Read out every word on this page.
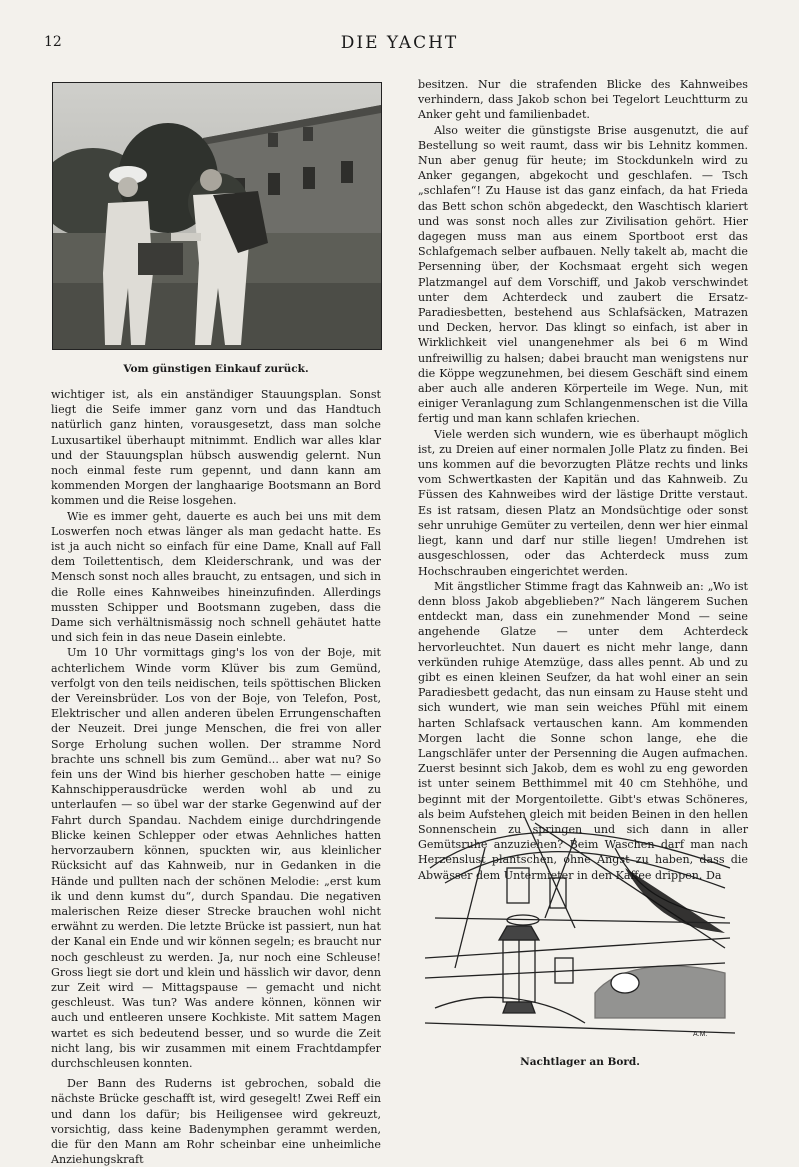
12	DIE YACHT
Vom günstigen Einkauf zurück.

wichtiger ist, als ein anständiger Stauungsplan. Sonst liegt die Seife immer ganz vorn und das Handtuch natürlich ganz hinten, vorausgesetzt, dass man solche Luxusartikel überhaupt mitnimmt. Endlich war alles klar und der Stauungsplan hübsch auswendig gelernt. Nun noch einmal feste rum gepennt, und dann kann am kommenden Morgen der langhaarige Bootsmann an Bord kommen und die Reise losgehen.

Wie es immer geht, dauerte es auch bei uns mit dem Loswerfen noch etwas länger als man gedacht hatte. Es ist ja auch nicht so einfach für eine Dame, Knall auf Fall dem Toilettentisch, dem Kleiderschrank, und was der Mensch sonst noch alles braucht, zu entsagen, und sich in die Rolle eines Kahnweibes hineinzufinden. Allerdings mussten Schipper und Bootsmann zugeben, dass die Dame sich verhältnismässig noch schnell gehäutet hatte und sich fein in das neue Dasein einlebte.

Um 10 Uhr vormittags ging's los von der Boje, mit achterlichem Winde vorm Klüver bis zum Gemünd, verfolgt von den teils neidischen, teils spöttischen Blicken der Vereinsbrüder. Los von der Boje, von Telefon, Post, Elektrischer und allen anderen übelen Errungenschaften der Neuzeit. Drei junge Menschen, die frei von aller Sorge Erholung suchen wollen. Der stramme Nord brachte uns schnell bis zum Gemünd... aber wat nu? So fein uns der Wind bis hierher geschoben hatte — einige Kahnschipperausdrücke werden wohl ab und zu unterlaufen — so übel war der starke Gegenwind auf der Fahrt durch Spandau. Nachdem einige durchdringende Blicke keinen Schlepper oder etwas Aehnliches hatten hervorzaubern können, spuckten wir, aus kleinlicher Rücksicht auf das Kahnweib, nur in Gedanken in die Hände und pullten nach der schönen Melodie: „erst kum ik und denn kumst du“, durch Spandau. Die negativen malerischen Reize dieser Strecke brauchen wohl nicht erwähnt zu werden. Die letzte Brücke ist passiert, nun hat der Kanal ein Ende und wir können segeln; es braucht nur noch geschleust zu werden. Ja, nur noch eine Schleuse! Gross liegt sie dort und klein und hässlich wir davor, denn zur Zeit wird — Mittagspause — gemacht und nicht geschleust. Was tun? Was andere können, können wir auch und entleeren unsere Kochkiste. Mit sattem Magen wartet es sich bedeutend besser, und so wurde die Zeit nicht lang, bis wir zusammen mit einem Frachtdampfer durchschleusen konnten.

Der Bann des Ruderns ist gebrochen, sobald die nächste Brücke geschafft ist, wird gesegelt! Zwei Reff ein und dann los dafür; bis Heiligensee wird gekreuzt, vorsichtig, dass keine Badenymphen gerammt werden, die für den Mann am Rohr scheinbar eine unheimliche Anziehungskraft

besitzen. Nur die strafenden Blicke des Kahnweibes verhindern, dass Jakob schon bei Tegelort Leuchtturm zu Anker geht und familienbadet.

Also weiter die günstigste Brise ausgenutzt, die auf Bestellung so weit raumt, dass wir bis Lehnitz kommen. Nun aber genug für heute; im Stockdunkeln wird zu Anker gegangen, abgekocht und geschlafen. — Tsch „schlafen“! Zu Hause ist das ganz einfach, da hat Frieda das Bett schon schön abgedeckt, den Waschtisch klariert und was sonst noch alles zur Zivilisation gehört. Hier dagegen muss man aus einem Sportboot erst das Schlafgemach selber aufbauen. Nelly takelt ab, macht die Persenning über, der Kochsmaat ergeht sich wegen Platzmangel auf dem Vorschiff, und Jakob verschwindet unter dem Achterdeck und zaubert die Ersatz-Paradiesbetten, bestehend aus Schlafsäcken, Matrazen und Decken, hervor. Das klingt so einfach, ist aber in Wirklichkeit viel unangenehmer als bei 6 m Wind unfreiwillig zu halsen; dabei braucht man wenigstens nur die Köppe wegzunehmen, bei diesem Geschäft sind einem aber auch alle anderen Körperteile im Wege. Nun, mit einiger Veranlagung zum Schlangenmenschen ist die Villa fertig und man kann schlafen kriechen.

Viele werden sich wundern, wie es überhaupt möglich ist, zu Dreien auf einer normalen Jolle Platz zu finden. Bei uns kommen auf die bevorzugten Plätze rechts und links vom Schwertkasten der Kapitän und das Kahnweib. Zu Füssen des Kahnweibes wird der lästige Dritte verstaut. Es ist ratsam, diesen Platz an Mondsüchtige oder sonst sehr unruhige Gemüter zu verteilen, denn wer hier einmal liegt, kann und darf nur stille liegen! Umdrehen ist ausgeschlossen, oder das Achterdeck muss zum Hochschrauben eingerichtet werden.

Mit ängstlicher Stimme fragt das Kahnweib an: „Wo ist denn bloss Jakob abgeblieben?“ Nach längerem Suchen entdeckt man, dass ein zunehmender Mond — seine angehende Glatze — unter dem Achterdeck hervorleuchtet. Nun dauert es nicht mehr lange, dann verkünden ruhige Atemzüge, dass alles pennt. Ab und zu gibt es einen kleinen Seufzer, da hat wohl einer an sein Paradiesbett gedacht, das nun einsam zu Hause steht und sich wundert, wie man sein weiches Pfühl mit einem harten Schlafsack vertauschen kann. Am kommenden Morgen lacht die Sonne schon lange, ehe die Langschläfer unter der Persenning die Augen aufmachen. Zuerst besinnt sich Jakob, dem es wohl zu eng geworden ist unter seinem Betthimmel mit 40 cm Stehhöhe, und beginnt mit der Morgentoilette. Gibt's etwas Schöneres, als beim Aufstehen gleich mit beiden Beinen in den hellen Sonnenschein zu springen und sich dann in aller Gemütsruhe anzuziehen? Beim Waschen darf man nach Herzenslust plantschen, ohne Angst zu haben, dass die Abwässer dem Untermieter in den Kaffee drippen. Da

A.M.
Nachtlager an Bord.
